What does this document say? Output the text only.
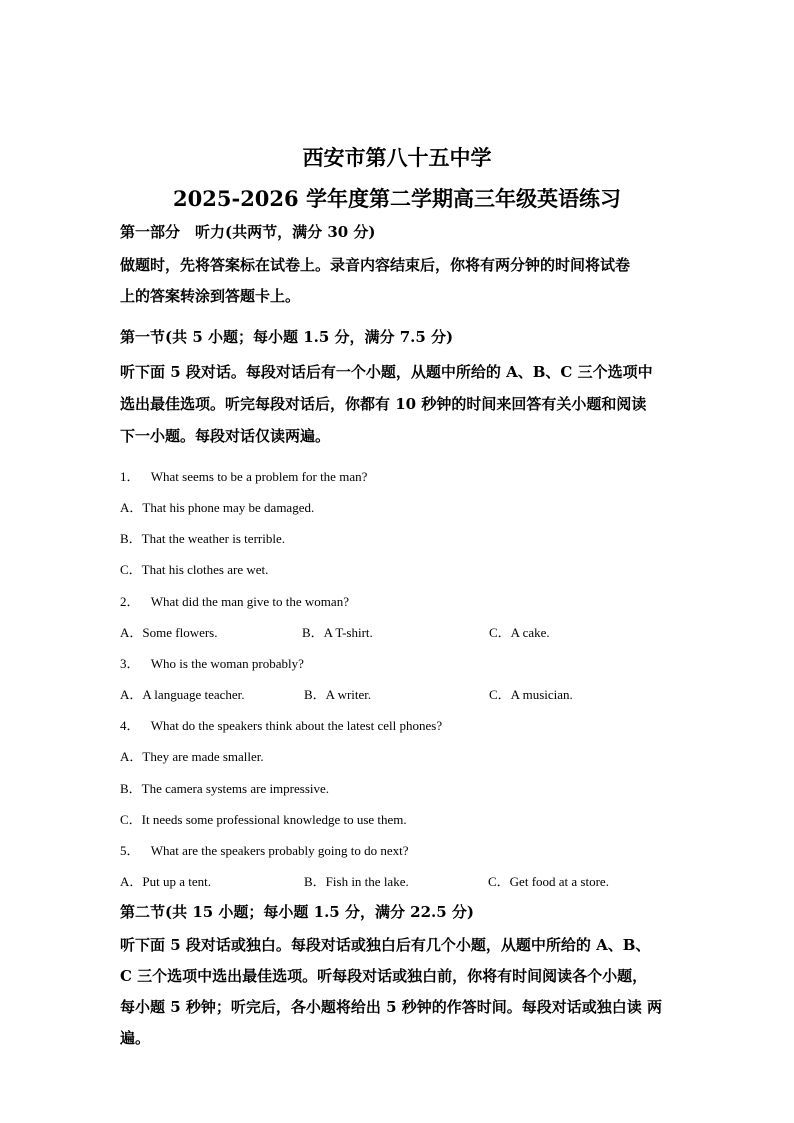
西安市第八十五中学
2025-2026 学年度第二学期高三年级英语练习
第一部分　听力(共两节，满分 30 分)
做题时，先将答案标在试卷上。录音内容结束后，你将有两分钟的时间将试卷
上的答案转涂到答题卡上。
第一节(共 5 小题；每小题 1.5 分，满分 7.5 分)
听下面 5 段对话。每段对话后有一个小题，从题中所给的 A、B、C 三个选项中
选出最佳选项。听完每段对话后，你都有 10 秒钟的时间来回答有关小题和阅读
下一小题。每段对话仅读两遍。
1． What seems to be a problem for the man?
A．That his phone may be damaged.
B．That the weather is terrible.
C．That his clothes are wet.
2． What did the man give to the woman?
A．Some flowers.	B．A T-shirt.	C．A cake.
3． Who is the woman probably?
A．A language teacher.	B．A writer.	C．A musician.
4． What do the speakers think about the latest cell phones?
A．They are made smaller.
B．The camera systems are impressive.
C．It needs some professional knowledge to use them.
5． What are the speakers probably going to do next?
A．Put up a tent.	B．Fish in the lake.	C．Get food at a store.
第二节(共 15 小题；每小题 1.5 分，满分 22.5 分)
听下面 5 段对话或独白。每段对话或独白后有几个小题，从题中所给的 A、B、
C 三个选项中选出最佳选项。听每段对话或独白前，你将有时间阅读各个小题，
每小题 5 秒钟；听完后，各小题将给出 5 秒钟的作答时间。每段对话或独白读 两
遍。
